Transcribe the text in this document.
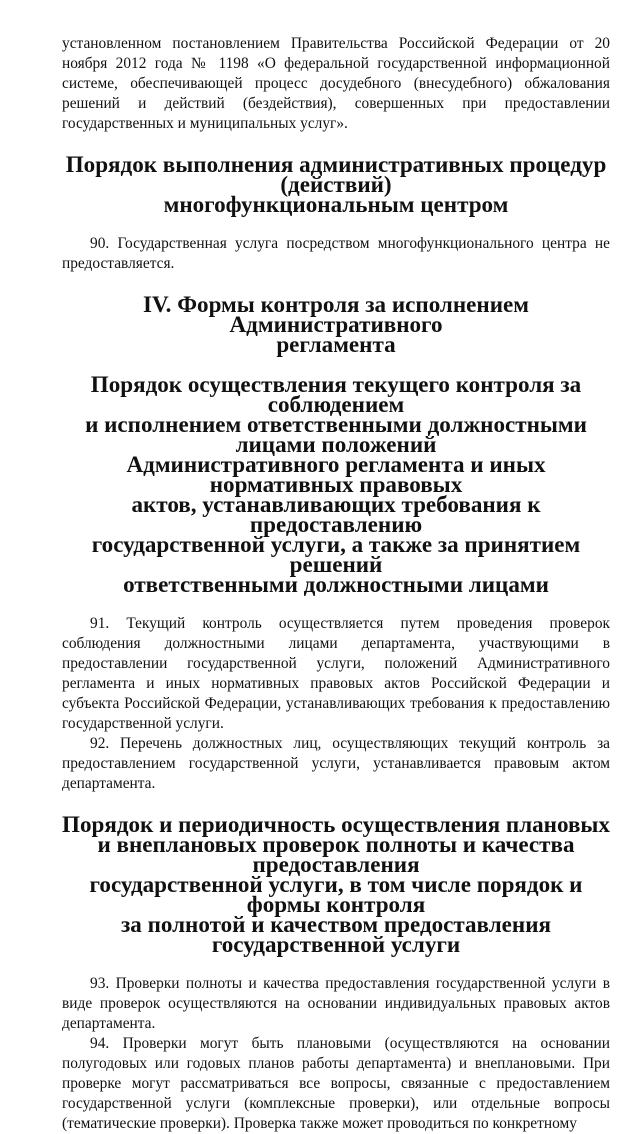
установленном постановлением Правительства Российской Федерации от 20 ноября 2012 года № 1198 «О федеральной государственной информационной системе, обеспечивающей процесс досудебного (внесудебного) обжалования решений и действий (бездействия), совершенных при предоставлении государственных и муниципальных услуг».

Порядок выполнения административных процедур (действий)
многофункциональным центром

90. Государственная услуга посредством многофункционального центра не предоставляется.

IV. Формы контроля за исполнением Административного
регламента
Порядок осуществления текущего контроля за соблюдением
и исполнением ответственными должностными лицами положений
Административного регламента и иных нормативных правовых
актов, устанавливающих требования к предоставлению
государственной услуги, а также за принятием решений
ответственными должностными лицами

91. Текущий контроль осуществляется путем проведения проверок соблюдения должностными лицами департамента, участвующими в предоставлении государственной услуги, положений Административного регламента и иных нормативных правовых актов Российской Федерации и субъекта Российской Федерации, устанавливающих требования к предоставлению государственной услуги.

92. Перечень должностных лиц, осуществляющих текущий контроль за предоставлением государственной услуги, устанавливается правовым актом департамента.

Порядок и периодичность осуществления плановых
и внеплановых проверок полноты и качества предоставления
государственной услуги, в том числе порядок и формы контроля
за полнотой и качеством предоставления государственной услуги

93. Проверки полноты и качества предоставления государственной услуги в виде проверок осуществляются на основании индивидуальных правовых актов департамента.

94. Проверки могут быть плановыми (осуществляются на основании полугодовых или годовых планов работы департамента) и внеплановыми. При проверке могут рассматриваться все вопросы, связанные с предоставлением государственной услуги (комплексные проверки), или отдельные вопросы (тематические проверки). Проверка также может проводиться по конкретному
